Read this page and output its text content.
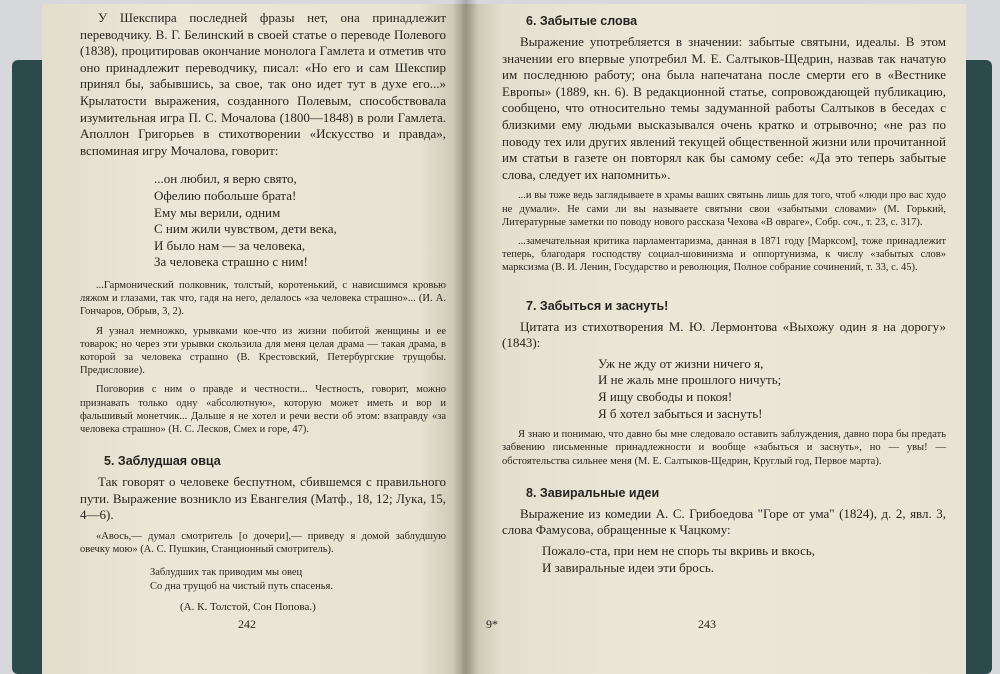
У Шекспира последней фразы нет, она принадлежит переводчику. В. Г. Белинский в своей статье о переводе Полевого (1838), процитировав окончание монолога Гамлета и отметив что оно принадлежит переводчику, писал: «Но его и сам Шекспир принял бы, забывшись, за свое, так оно идет тут в духе его...» Крылатости выражения, созданного Полевым, способствовала изумительная игра П. С. Мочалова (1800—1848) в роли Гамлета. Аполлон Григорьев в стихотворении «Искусство и правда», вспоминая игру Мочалова, говорит:

...он любил, я верю свято,
Офелию побольше брата!
Ему мы верили, одним
С ним жили чувством, дети века,
И было нам — за человека,
За человека страшно с ним!

...Гармонический полковник, толстый, коротенький, с нависшимся кровью ляжом и глазами, так что, гадя на него, делалось «за человека страшно»... (И. А. Гончаров, Обрыв, 3, 2).

Я узнал немножко, урывками кое-что из жизни побитой женщины и ее товарок; но через эти урывки скользила для меня целая драма — такая драма, в которой за человека страшно (В. Крестовский, Петербургские трущобы. Предисловие).

Поговорив с ним о правде и честности... Честность, говорит, можно признавать только одну «абсолютную», которую может иметь и вор и фальшивый монетчик... Дальше я не хотел и речи вести об этом: взаправду «за человека страшно» (Н. С. Лесков, Смех и горе, 47).

5. Заблудшая овца

Так говорят о человеке беспутном, сбившемся с правильного пути. Выражение возникло из Евангелия (Матф., 18, 12; Лука, 15, 4—6).

«Авось,— думал смотритель [о дочери],— приведу я домой заблудшую овечку мою» (А. С. Пушкин, Станционный смотритель).

Заблудших так приводим мы овец
Со дна трущоб на чистый путь спасенья.
(А. К. Толстой, Сон Попова.)
242
6. Забытые слова

Выражение употребляется в значении: забытые святыни, идеалы. В этом значении его впервые употребил М. Е. Салтыков-Щедрин, назвав так начатую им последнюю работу; она была напечатана после смерти его в «Вестнике Европы» (1889, кн. 6). В редакционной статье, сопровождающей публикацию, сообщено, что относительно темы задуманной работы Салтыков в беседах с близкими ему людьми высказывался очень кратко и отрывочно; «не раз по поводу тех или других явлений текущей общественной жизни или прочитанной им статьи в газете он повторял как бы самому себе: «Да это теперь забытые слова, следует их напомнить».

...и вы тоже ведь заглядываете в храмы ваших святынь лишь для того, чтоб «люди про вас худо не думали». Не сами ли вы называете святыни свои «забытыми словами» (М. Горький, Литературные заметки по поводу нового рассказа Чехова «В овраге», Собр. соч., т. 23, с. 317).

...замечательная критика парламентаризма, данная в 1871 году [Марксом], тоже принадлежит теперь, благодаря господству социал-шовинизма и оппортунизма, к числу «забытых слов» марксизма (В. И. Ленин, Государство и революция, Полное собрание сочинений, т. 33, с. 45).

7. Забыться и заснуть!

Цитата из стихотворения М. Ю. Лермонтова «Выхожу один я на дорогу» (1843):

Уж не жду от жизни ничего я,
И не жаль мне прошлого ничуть;
Я ищу свободы и покоя!
Я б хотел забыться и заснуть!

Я знаю и понимаю, что давно бы мне следовало оставить заблуждения, давно пора бы предать забвению письменные принадлежности и вообще «забыться и заснуть», но — увы! — обстоятельства сильнее меня (М. Е. Салтыков-Щедрин, Круглый год, Первое марта).

8. Завиральные идеи

Выражение из комедии А. С. Грибоедова "Горе от ума" (1824), д. 2, явл. 3, слова Фамусова, обращенные к Чацкому:

Пожало-ста, при нем не спорь ты вкривь и вкось,
И завиральные идеи эти брось.
9*	243
